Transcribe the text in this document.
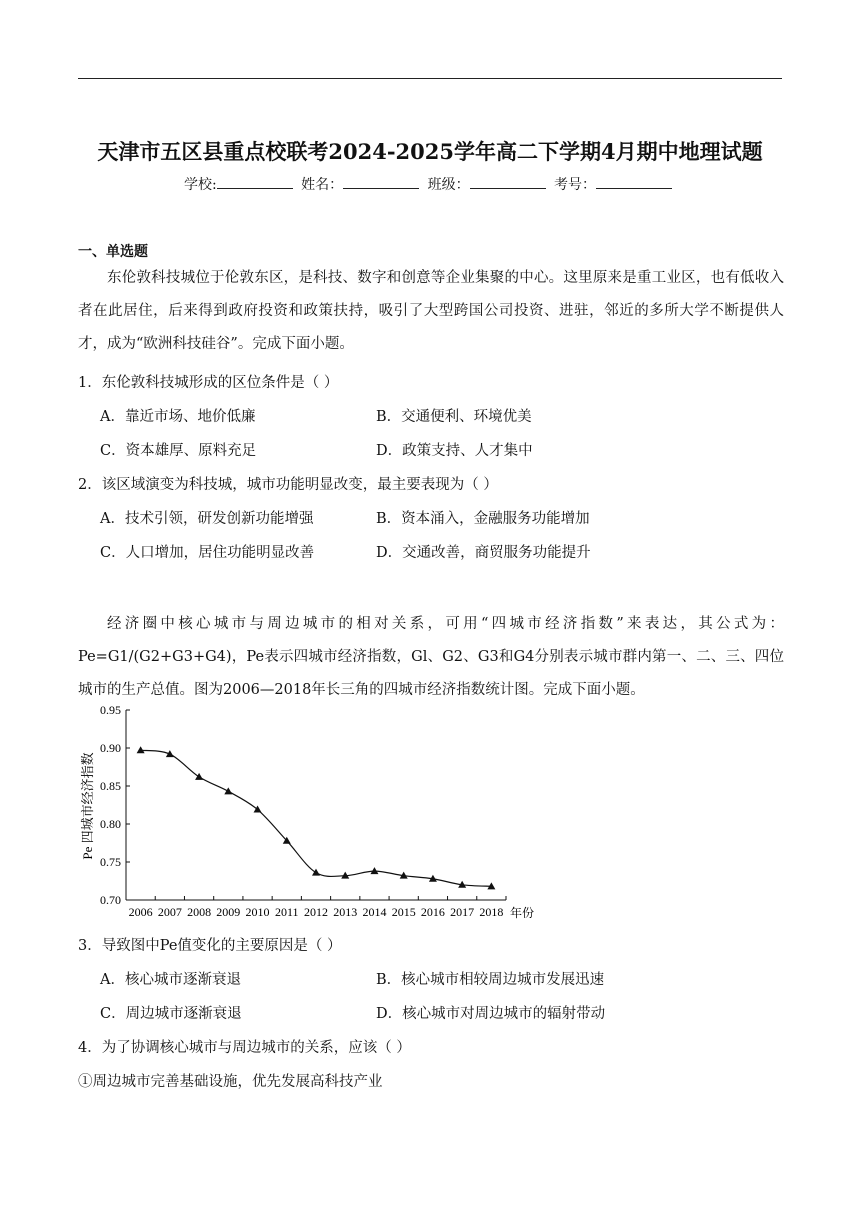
天津市五区县重点校联考2024-2025学年高二下学期4月期中地理试题
学校:	姓名：	班级：	考号：
一、单选题
东伦敦科技城位于伦敦东区，是科技、数字和创意等企业集聚的中心。这里原来是重工业区，也有低收入者在此居住，后来得到政府投资和政策扶持，吸引了大型跨国公司投资、进驻，邻近的多所大学不断提供人才，成为“欧洲科技硅谷”。完成下面小题。
1．东伦敦科技城形成的区位条件是（ ）
A．靠近市场、地价低廉	B．交通便利、环境优美
C．资本雄厚、原料充足	D．政策支持、人才集中
2．该区域演变为科技城，城市功能明显改变，最主要表现为（ ）
A．技术引领，研发创新功能增强	B．资本涌入，金融服务功能增加
C．人口增加，居住功能明显改善	D．交通改善，商贸服务功能提升
经济圈中核心城市与周边城市的相对关系，可用“四城市经济指数”来表达，其公式为：Pe=G1/(G2+G3+G4)，Pe表示四城市经济指数，Gl、G2、G3和G4分别表示城市群内第一、二、三、四位城市的生产总值。图为2006—2018年长三角的四城市经济指数统计图。完成下面小题。
0.70
0.75
0.80
0.85
0.90
0.95
2006 2007 2008 2009 2010 2011 2012 2013 2014 2015 2016 2017 2018
Pe 四城市经济指数
年份
3．导致图中Pe值变化的主要原因是（ ）
A．核心城市逐渐衰退	B．核心城市相较周边城市发展迅速
C．周边城市逐渐衰退	D．核心城市对周边城市的辐射带动
4．为了协调核心城市与周边城市的关系，应该（ ）
①周边城市完善基础设施，优先发展高科技产业
